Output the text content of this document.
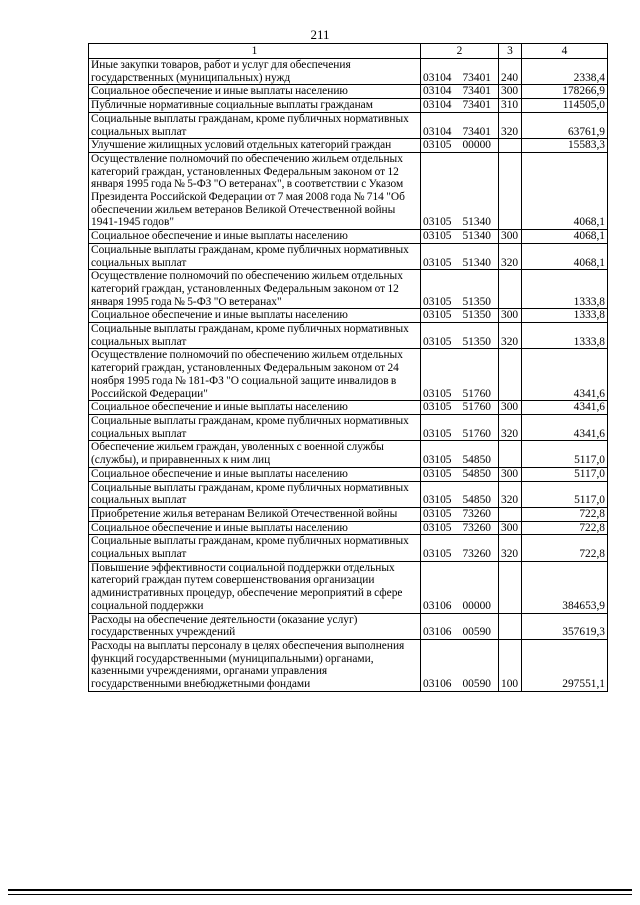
211
1	2	3	4
Иные закупки товаров, работ и услуг для обеспечения государственных (муниципальных) нужд	03104 73401	240	2338,4
Социальное обеспечение и иные выплаты населению	03104 73401	300	178266,9
Публичные нормативные социальные выплаты гражданам	03104 73401	310	114505,0
Социальные выплаты гражданам, кроме публичных нормативных социальных выплат	03104 73401	320	63761,9
Улучшение жилищных условий отдельных категорий граждан	03105 00000		15583,3
Осуществление полномочий по обеспечению жильем отдельных категорий граждан, установленных Федеральным законом от 12 января 1995 года № 5-ФЗ "О ветеранах", в соответствии с Указом Президента Российской Федерации от 7 мая 2008 года № 714 "Об обеспечении жильем ветеранов Великой Отечественной войны 1941-1945 годов"	03105 51340		4068,1
Социальное обеспечение и иные выплаты населению	03105 51340	300	4068,1
Социальные выплаты гражданам, кроме публичных нормативных социальных выплат	03105 51340	320	4068,1
Осуществление полномочий по обеспечению жильем отдельных категорий граждан, установленных Федеральным законом от 12 января 1995 года № 5-ФЗ "О ветеранах"	03105 51350		1333,8
Социальное обеспечение и иные выплаты населению	03105 51350	300	1333,8
Социальные выплаты гражданам, кроме публичных нормативных социальных выплат	03105 51350	320	1333,8
Осуществление полномочий по обеспечению жильем отдельных категорий граждан, установленных Федеральным законом от 24 ноября 1995 года № 181-ФЗ "О социальной защите инвалидов в Российской Федерации"	03105 51760		4341,6
Социальное обеспечение и иные выплаты населению	03105 51760	300	4341,6
Социальные выплаты гражданам, кроме публичных нормативных социальных выплат	03105 51760	320	4341,6
Обеспечение жильем граждан, уволенных с военной службы (службы), и приравненных к ним лиц	03105 54850		5117,0
Социальное обеспечение и иные выплаты населению	03105 54850	300	5117,0
Социальные выплаты гражданам, кроме публичных нормативных социальных выплат	03105 54850	320	5117,0
Приобретение жилья ветеранам Великой Отечественной войны	03105 73260		722,8
Социальное обеспечение и иные выплаты населению	03105 73260	300	722,8
Социальные выплаты гражданам, кроме публичных нормативных социальных выплат	03105 73260	320	722,8
Повышение эффективности социальной поддержки отдельных категорий граждан путем совершенствования организации административных процедур, обеспечение мероприятий в сфере социальной поддержки	03106 00000		384653,9
Расходы на обеспечение деятельности (оказание услуг) государственных учреждений	03106 00590		357619,3
Расходы на выплаты персоналу в целях обеспечения выполнения функций государственными (муниципальными) органами, казенными учреждениями, органами управления государственными внебюджетными фондами	03106 00590	100	297551,1
